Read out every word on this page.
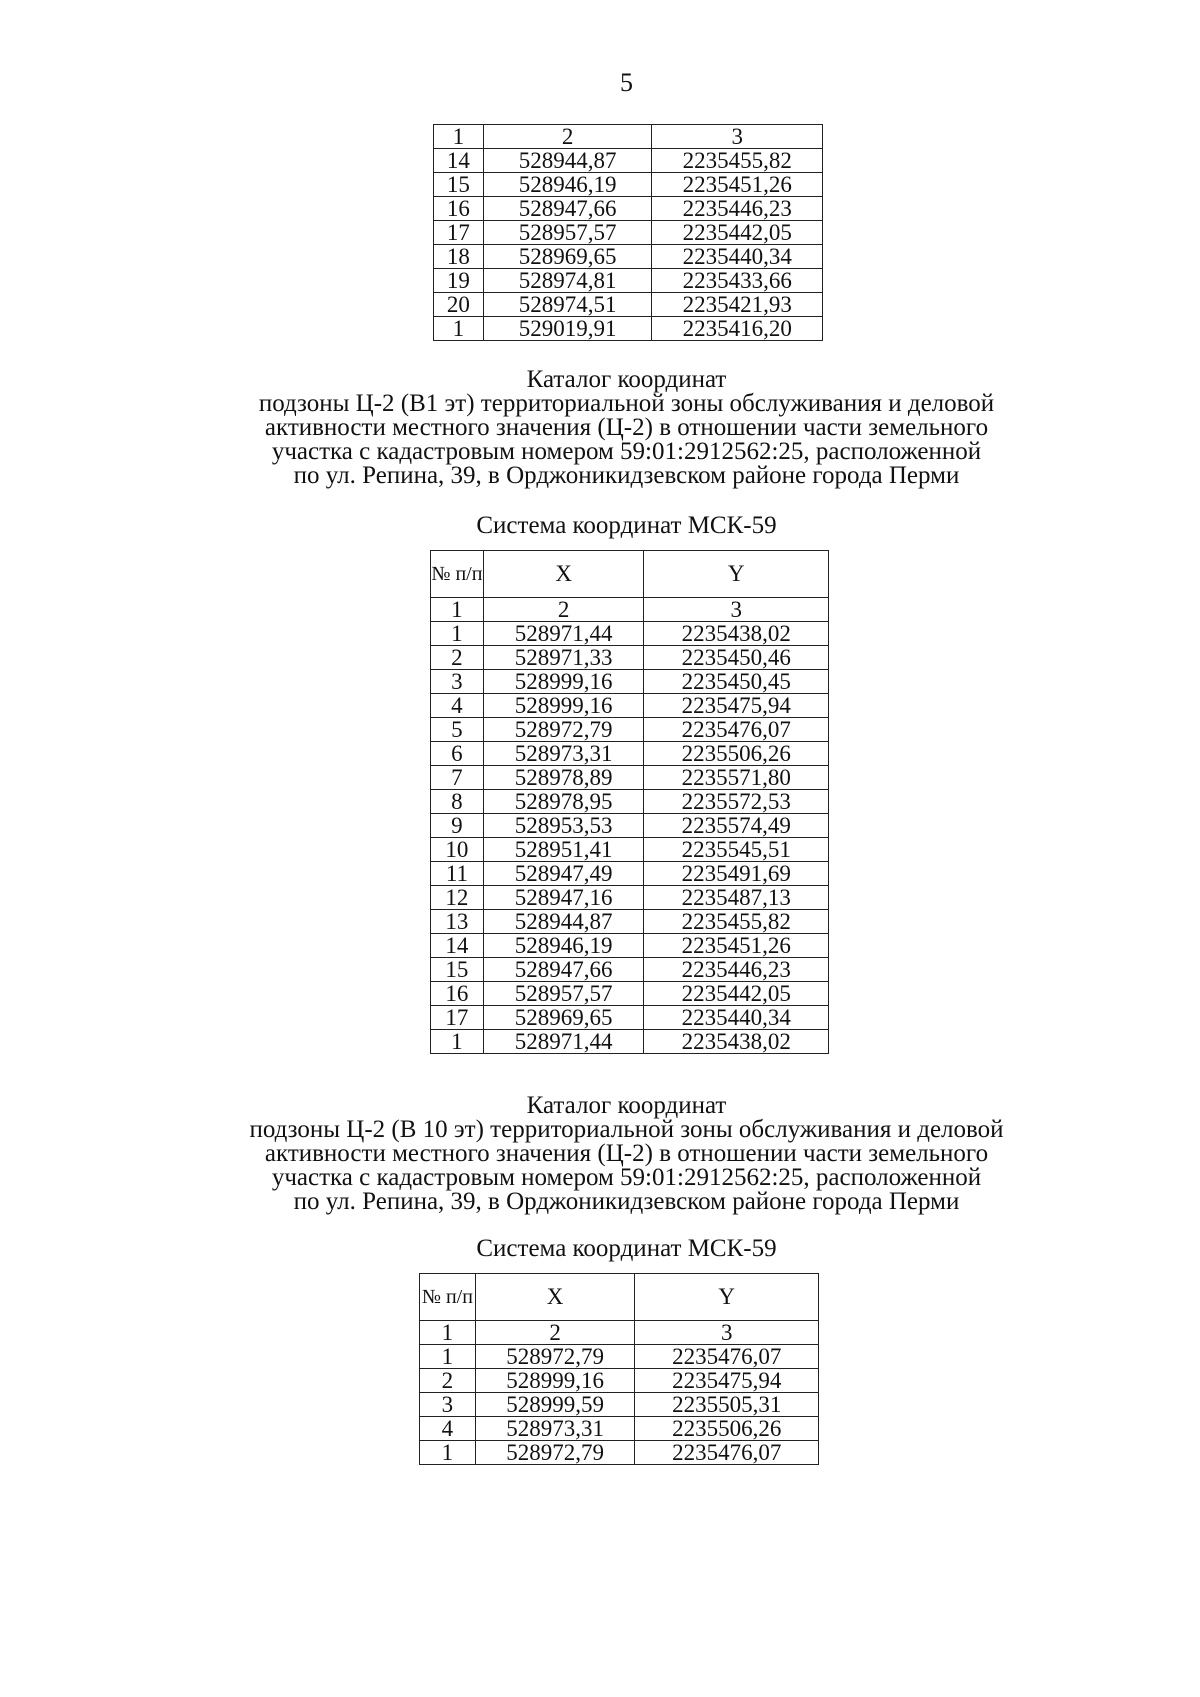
5
1	2	3
14	528944,87	2235455,82
15	528946,19	2235451,26
16	528947,66	2235446,23
17	528957,57	2235442,05
18	528969,65	2235440,34
19	528974,81	2235433,66
20	528974,51	2235421,93
1	529019,91	2235416,20
Каталог координат
подзоны Ц-2 (В1 эт) территориальной зоны обслуживания и деловой
активности местного значения (Ц-2) в отношении части земельного
участка с кадастровым номером 59:01:2912562:25, расположенной
по ул. Репина, 39, в Орджоникидзевском районе города Перми
Система координат МСК-59
№ п/п	X	Y
1	2	3
1	528971,44	2235438,02
2	528971,33	2235450,46
3	528999,16	2235450,45
4	528999,16	2235475,94
5	528972,79	2235476,07
6	528973,31	2235506,26
7	528978,89	2235571,80
8	528978,95	2235572,53
9	528953,53	2235574,49
10	528951,41	2235545,51
11	528947,49	2235491,69
12	528947,16	2235487,13
13	528944,87	2235455,82
14	528946,19	2235451,26
15	528947,66	2235446,23
16	528957,57	2235442,05
17	528969,65	2235440,34
1	528971,44	2235438,02
Каталог координат
подзоны Ц-2 (В 10 эт) территориальной зоны обслуживания и деловой
активности местного значения (Ц-2) в отношении части земельного
участка с кадастровым номером 59:01:2912562:25, расположенной
по ул. Репина, 39, в Орджоникидзевском районе города Перми
Система координат МСК-59
№ п/п	X	Y
1	2	3
1	528972,79	2235476,07
2	528999,16	2235475,94
3	528999,59	2235505,31
4	528973,31	2235506,26
1	528972,79	2235476,07
